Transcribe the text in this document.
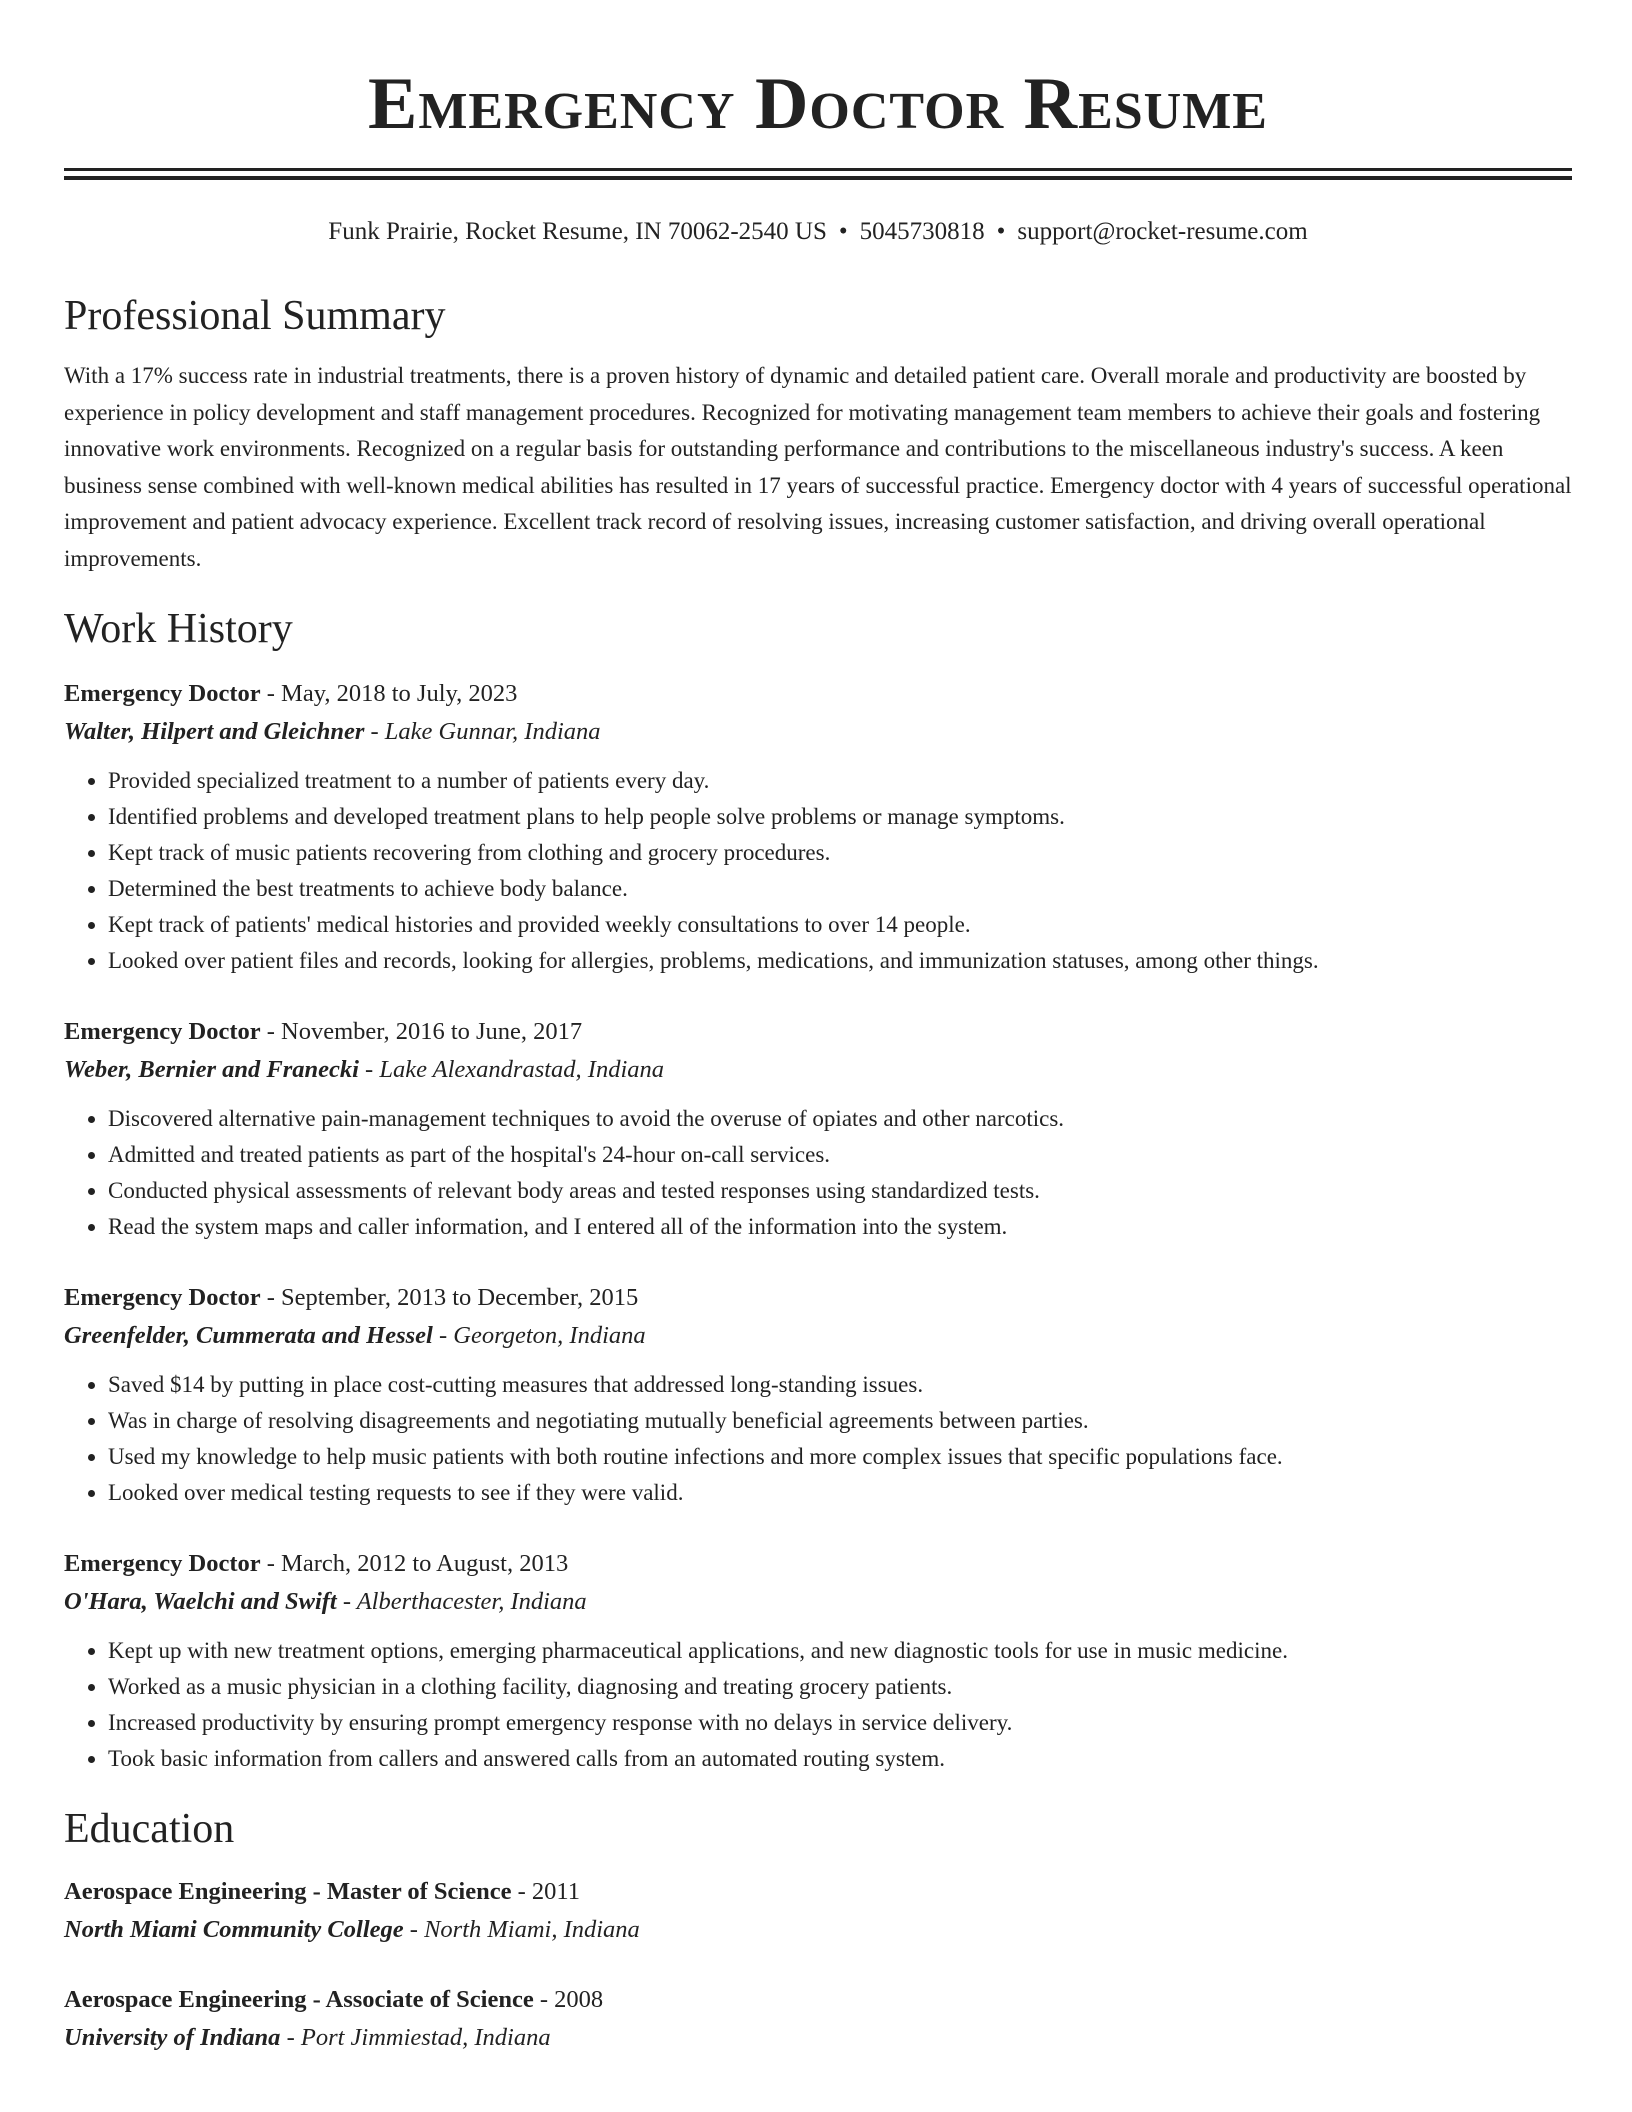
Emergency Doctor Resume
Funk Prairie, Rocket Resume, IN 70062-2540 US • 5045730818 • support@rocket-resume.com
Professional Summary

With a 17% success rate in industrial treatments, there is a proven history of dynamic and detailed patient care. Overall morale and productivity are boosted by experience in policy development and staff management procedures. Recognized for motivating management team members to achieve their goals and fostering innovative work environments. Recognized on a regular basis for outstanding performance and contributions to the miscellaneous industry's success. A keen business sense combined with well-known medical abilities has resulted in 17 years of successful practice. Emergency doctor with 4 years of successful operational improvement and patient advocacy experience. Excellent track record of resolving issues, increasing customer satisfaction, and driving overall operational improvements.

Work History
Emergency Doctor - May, 2018 to July, 2023
Walter, Hilpert and Gleichner - Lake Gunnar, Indiana
• Provided specialized treatment to a number of patients every day.
• Identified problems and developed treatment plans to help people solve problems or manage symptoms.
• Kept track of music patients recovering from clothing and grocery procedures.
• Determined the best treatments to achieve body balance.
• Kept track of patients' medical histories and provided weekly consultations to over 14 people.
• Looked over patient files and records, looking for allergies, problems, medications, and immunization statuses, among other things.
Emergency Doctor - November, 2016 to June, 2017
Weber, Bernier and Franecki - Lake Alexandrastad, Indiana
• Discovered alternative pain-management techniques to avoid the overuse of opiates and other narcotics.
• Admitted and treated patients as part of the hospital's 24-hour on-call services.
• Conducted physical assessments of relevant body areas and tested responses using standardized tests.
• Read the system maps and caller information, and I entered all of the information into the system.
Emergency Doctor - September, 2013 to December, 2015
Greenfelder, Cummerata and Hessel - Georgeton, Indiana
• Saved $14 by putting in place cost-cutting measures that addressed long-standing issues.
• Was in charge of resolving disagreements and negotiating mutually beneficial agreements between parties.
• Used my knowledge to help music patients with both routine infections and more complex issues that specific populations face.
• Looked over medical testing requests to see if they were valid.
Emergency Doctor - March, 2012 to August, 2013
O'Hara, Waelchi and Swift - Alberthacester, Indiana
• Kept up with new treatment options, emerging pharmaceutical applications, and new diagnostic tools for use in music medicine.
• Worked as a music physician in a clothing facility, diagnosing and treating grocery patients.
• Increased productivity by ensuring prompt emergency response with no delays in service delivery.
• Took basic information from callers and answered calls from an automated routing system.
Education
Aerospace Engineering - Master of Science - 2011
North Miami Community College - North Miami, Indiana
Aerospace Engineering - Associate of Science - 2008
University of Indiana - Port Jimmiestad, Indiana
